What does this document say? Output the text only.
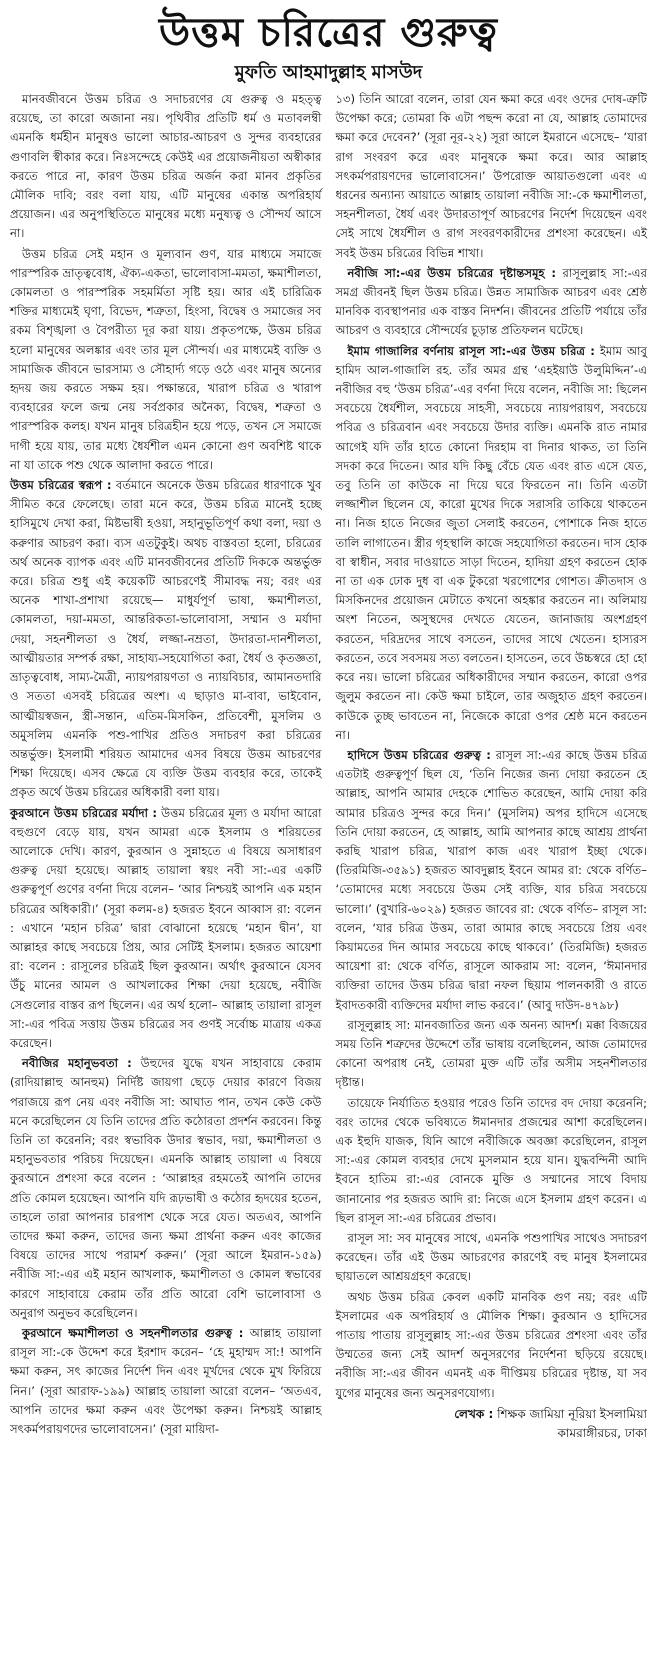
উত্তম চরিত্রের গুরুত্ব
মুফতি আহমাদুল্লাহ মাসউদ

মানবজীবনে উত্তম চরিত্র ও সদাচরণের যে গুরুত্ব ও মহত্ত্ব রয়েছে, তা কারো অজানা নয়। পৃথিবীর প্রতিটি ধর্ম ও মতাবলম্বী এমনকি ধর্মহীন মানুষও ভালো আচার-আচরণ ও সুন্দর ব্যবহারের গুণাবলি স্বীকার করে। নিঃসন্দেহে কেউই এর প্রয়োজনীয়তা অস্বীকার করতে পারে না, কারণ উত্তম চরিত্র অর্জন করা মানব প্রকৃতির মৌলিক দাবি; বরং বলা যায়, এটি মানুষের একান্ত অপরিহার্য প্রয়োজন। এর অনুপস্থিতিতে মানুষের মধ্যে মনুষ্যত্ব ও সৌন্দর্য আসে না।

উত্তম চরিত্র সেই মহান ও মূল্যবান গুণ, যার মাধ্যমে সমাজে পারস্পরিক ভ্রাতৃত্ববোধ, ঐক্য-একতা, ভালোবাসা-মমতা, ক্ষমাশীলতা, কোমলতা ও পারস্পরিক সহমর্মিতা সৃষ্টি হয়। আর এই চারিত্রিক শক্তির মাধ্যমেই ঘৃণা, বিভেদ, শত্রুতা, হিংসা, বিদ্বেষ ও সমাজের সব রকম বিশৃঙ্খলা ও বৈপরীত্য দূর করা যায়। প্রকৃতপক্ষে, উত্তম চরিত্র হলো মানুষের অলঙ্কার এবং তার মূল সৌন্দর্য। এর মাধ্যমেই ব্যক্তি ও সামাজিক জীবনে ভারসাম্য ও সৌহার্দ্য গড়ে ওঠে এবং মানুষ অন্যের হৃদয় জয় করতে সক্ষম হয়। পক্ষান্তরে, খারাপ চরিত্র ও খারাপ ব্যবহারের ফলে জন্ম নেয় সর্বপ্রকার অনৈক্য, বিদ্বেষ, শত্রুতা ও পারস্পরিক কলহ। যখন মানুষ চরিত্রহীন হয়ে পড়ে, তখন সে সমাজে দাগী হয়ে যায়, তার মধ্যে ধৈর্যশীল এমন কোনো গুণ অবশিষ্ট থাকে না যা তাকে পশু থেকে আলাদা করতে পারে।

উত্তম চরিত্রের স্বরূপ : বর্তমানে অনেকে উত্তম চরিত্রের ধারণাকে খুব সীমিত করে ফেলেছে। তারা মনে করে, উত্তম চরিত্র মানেই হচ্ছে হাসিমুখে দেখা করা, মিষ্টভাষী হওয়া, সহানুভূতিপূর্ণ কথা বলা, দয়া ও করুণার আচরণ করা। ব্যস এতটুকুই। অথচ বাস্তবতা হলো, চরিত্রের অর্থ অনেক ব্যাপক এবং এটি মানবজীবনের প্রতিটি দিককে অন্তর্ভুক্ত করে। চরিত্র শুধু এই কয়েকটি আচরণেই সীমাবদ্ধ নয়; বরং এর অনেক শাখা-প্রশাখা রয়েছে— মাধুর্যপূর্ণ ভাষা, ক্ষমাশীলতা, কোমলতা, দয়া-মমতা, আন্তরিকতা-ভালোবাসা, সম্মান ও মর্যাদা দেয়া, সহনশীলতা ও ধৈর্য, লজ্জা-নম্রতা, উদারতা-দানশীলতা, আত্মীয়তার সম্পর্ক রক্ষা, সাহায্য-সহযোগিতা করা, ধৈর্য ও কৃতজ্ঞতা, ভ্রাতৃত্ববোধ, সাম্য-মৈত্রী, ন্যায়পরায়ণতা ও ন্যায়বিচার, আমানতদারি ও সততা এসবই চরিত্রের অংশ। এ ছাড়াও মা-বাবা, ভাইবোন, আত্মীয়স্বজন, স্ত্রী-সন্তান, এতিম-মিসকিন, প্রতিবেশী, মুসলিম ও অমুসলিম এমনকি পশু-পাখির প্রতিও সদাচরণ করা চরিত্রের অন্তর্ভুক্ত। ইসলামী শরিয়ত আমাদের এসব বিষয়ে উত্তম আচরণের শিক্ষা দিয়েছে। এসব ক্ষেত্রে যে ব্যক্তি উত্তম ব্যবহার করে, তাকেই প্রকৃত অর্থে উত্তম চরিত্রের অধিকারী বলা যায়।

কুরআনে উত্তম চরিত্রের মর্যাদা : উত্তম চরিত্রের মূল্য ও মর্যাদা আরো বহুগুণে বেড়ে যায়, যখন আমরা একে ইসলাম ও শরিয়তের আলোকে দেখি। কারণ, কুরআন ও সুন্নাহতে এ বিষয়ে অসাধারণ গুরুত্ব দেয়া হয়েছে। আল্লাহ তায়ালা স্বয়ং নবী সা:-এর একটি গুরুত্বপূর্ণ গুণের বর্ণনা দিয়ে বলেন– ‘আর নিশ্চয়ই আপনি এক মহান চরিত্রের অধিকারী।’ (সূরা কলম-৪) হজরত ইবনে আব্বাস রা: বলেন : এখানে ‘মহান চরিত্র’ দ্বারা বোঝানো হয়েছে ‘মহান দ্বীন’, যা আল্লাহর কাছে সবচেয়ে প্রিয়, আর সেটিই ইসলাম। হজরত আয়েশা রা: বলেন : রাসূলের চরিত্রই ছিল কুরআন। অর্থাৎ কুরআনে যেসব উঁচু মানের আমল ও আখলাকের শিক্ষা দেয়া হয়েছে, নবীজি সেগুলোর বাস্তব রূপ ছিলেন। এর অর্থ হলো– আল্লাহ তায়ালা রাসূল সা:-এর পবিত্র সত্তায় উত্তম চরিত্রের সব গুণই সর্বোচ্চ মাত্রায় একত্র করেছেন।

নবীজির মহানুভবতা : উহুদের যুদ্ধে যখন সাহাবায়ে কেরাম (রাদিয়াল্লাহু আনহুম) নির্দিষ্ট জায়গা ছেড়ে দেয়ার কারণে বিজয় পরাজয়ে রূপ নেয় এবং নবীজি সা: আঘাত পান, তখন কেউ কেউ মনে করেছিলেন যে তিনি তাদের প্রতি কঠোরতা প্রদর্শন করবেন। কিন্তু তিনি তা করেননি; বরং স্বভাবিক উদার স্বভাব, দয়া, ক্ষমাশীলতা ও মহানুভবতার পরিচয় দিয়েছেন। এমনকি আল্লাহ তায়ালা এ বিষয়ে কুরআনে প্রশংসা করে বলেন : ‘আল্লাহর রহমতেই আপনি তাদের প্রতি কোমল হয়েছেন। আপনি যদি রূঢ়ভাষী ও কঠোর হৃদয়ের হতেন, তাহলে তারা আপনার চারপাশ থেকে সরে যেত। অতএব, আপনি তাদের ক্ষমা করুন, তাদের জন্য ক্ষমা প্রার্থনা করুন এবং কাজের বিষয়ে তাদের সাথে পরামর্শ করুন।’ (সূরা আলে ইমরান-১৫৯) নবীজি সা:-এর এই মহান আখলাক, ক্ষমাশীলতা ও কোমল স্বভাবের কারণে সাহাবায়ে কেরাম তাঁর প্রতি আরো বেশি ভালোবাসা ও অনুরাগ অনুভব করেছিলেন।

কুরআনে ক্ষমাশীলতা ও সহনশীলতার গুরুত্ব : আল্লাহ তায়ালা রাসূল সা:-কে উদ্দেশ করে ইরশাদ করেন– ‘হে মুহাম্মদ সা:! আপনি ক্ষমা করুন, সৎ কাজের নির্দেশ দিন এবং মূর্খদের থেকে মুখ ফিরিয়ে নিন।’ (সূরা আরাফ-১৯৯) আল্লাহ তায়ালা আরো বলেন– ‘অতএব, আপনি তাদের ক্ষমা করুন এবং উপেক্ষা করুন। নিশ্চয়ই আল্লাহ সৎকর্মপরায়ণদের ভালোবাসেন।’ (সূরা মায়িদা-

১৩) তিনি আরো বলেন, তারা যেন ক্ষমা করে এবং ওদের দোষ-ত্রুটি উপেক্ষা করে; তোমরা কি এটা পছন্দ করো না যে, আল্লাহ তোমাদের ক্ষমা করে দেবেন?’ (সূরা নূর-২২) সূরা আলে ইমরানে এসেছে– ‘যারা রাগ সংবরণ করে এবং মানুষকে ক্ষমা করে। আর আল্লাহ সৎকর্মপরায়ণদের ভালোবাসেন।’ উপরোক্ত আয়াতগুলো এবং এ ধরনের অন্যান্য আয়াতে আল্লাহ তায়ালা নবীজি সা:-কে ক্ষমাশীলতা, সহনশীলতা, ধৈর্য এবং উদারতাপূর্ণ আচরণের নির্দেশ দিয়েছেন এবং সেই সাথে ধৈর্যশীল ও রাগ সংবরণকারীদের প্রশংসা করেছেন। এই সবই উত্তম চরিত্রের বিভিন্ন শাখা।

নবীজি সা:-এর উত্তম চরিত্রের দৃষ্টান্তসমূহ : রাসূলুল্লাহ সা:-এর সমগ্র জীবনই ছিল উত্তম চরিত্র। উন্নত সামাজিক আচরণ এবং শ্রেষ্ঠ মানবিক ব্যবস্থাপনার এক বাস্তব নিদর্শন। জীবনের প্রতিটি পর্যায়ে তাঁর আচরণ ও ব্যবহারে সৌন্দর্যের চূড়ান্ত প্রতিফলন ঘটেছে।

ইমাম গাজালির বর্ণনায় রাসূল সা:-এর উত্তম চরিত্র : ইমাম আবু হামিদ আল-গাজালি রহ. তাঁর অমর গ্রন্থ ‘এহইয়াউ উলুমিদ্দিন’-এ নবীজির বহু ‘উত্তম চরিত্র’-এর বর্ণনা দিয়ে বলেন, নবীজি সা: ছিলেন সবচেয়ে ধৈর্যশীল, সবচেয়ে সাহসী, সবচেয়ে ন্যায়পরায়ণ, সবচেয়ে পবিত্র ও চরিত্রবান এবং সবচেয়ে উদার ব্যক্তি। এমনকি রাত নামার আগেই যদি তাঁর হাতে কোনো দিরহাম বা দিনার থাকত, তা তিনি সদকা করে দিতেন। আর যদি কিছু বেঁচে যেত এবং রাত এসে যেত, তবু তিনি তা কাউকে না দিয়ে ঘরে ফিরতেন না। তিনি এতটা লজ্জাশীল ছিলেন যে, কারো মুখের দিকে সরাসরি তাকিয়ে থাকতেন না। নিজ হাতে নিজের জুতা সেলাই করতেন, পোশাকে নিজ হাতে তালি লাগাতেন। স্ত্রীর গৃহস্থালি কাজে সহযোগিতা করতেন। দাস হোক বা স্বাধীন, সবার দাওয়াতে সাড়া দিতেন, হাদিয়া গ্রহণ করতেন হোক না তা এক ঢোক দুধ বা এক টুকরো খরগোশের গোশত। ক্রীতদাস ও মিসকিনদের প্রয়োজন মেটাতে কখনো অহঙ্কার করতেন না। অলিমায় অংশ নিতেন, অসুস্থদের দেখতে যেতেন, জানাজায় অংশগ্রহণ করতেন, দরিদ্রদের সাথে বসতেন, তাদের সাথে খেতেন। হাস্যরস করতেন, তবে সবসময় সত্য বলতেন। হাসতেন, তবে উচ্চস্বরে হো হো করে নয়। ভালো চরিত্রের অধিকারীদের সম্মান করতেন, কারো ওপর জুলুম করতেন না। কেউ ক্ষমা চাইলে, তার অজুহাত গ্রহণ করতেন। কাউকে তুচ্ছ ভাবতেন না, নিজেকে কারো ওপর শ্রেষ্ঠ মনে করতেন না।

হাদিসে উত্তম চরিত্রের গুরুত্ব : রাসূল সা:-এর কাছে উত্তম চরিত্র এতটাই গুরুত্বপূর্ণ ছিল যে, ‘তিনি নিজের জন্য দোয়া করতেন হে আল্লাহ, আপনি আমার দেহকে শোভিত করেছেন, আমি দোয়া করি আমার চরিত্রও সুন্দর করে দিন।’ (মুসলিম) অপর হাদিসে এসেছে তিনি দোয়া করতেন, হে আল্লাহ, আমি আপনার কাছে আশ্রয় প্রার্থনা করছি খারাপ চরিত্র, খারাপ কাজ এবং খারাপ ইচ্ছা থেকে। (তিরমিজি-৩৫৯১) হজরত আবদুল্লাহ ইবনে আমর রা: থেকে বর্ণিত– ‘তোমাদের মধ্যে সবচেয়ে উত্তম সেই ব্যক্তি, যার চরিত্র সবচেয়ে ভালো।’ (বুখারি-৬০২৯) হজরত জাবের রা: থেকে বর্ণিত– রাসূল সা: বলেন, ‘যার চরিত্র উত্তম, তারা আমার কাছে সবচেয়ে প্রিয় এবং কিয়ামতের দিন আমার সবচেয়ে কাছে থাকবে।’ (তিরমিজি) হজরত আয়েশা রা: থেকে বর্ণিত, রাসূলে আকরাম সা: বলেন, ‘ঈমানদার ব্যক্তিরা তাদের উত্তম চরিত্র দ্বারা নফল ছিয়াম পালনকারী ও রাতে ইবাদতকারী ব্যক্তিদের মর্যাদা লাভ করবে।’ (আবু দাউদ-৪৭৯৮)

রাসূলুল্লাহ সা: মানবজাতির জন্য এক অনন্য আদর্শ। মক্কা বিজয়ের সময় তিনি শত্রুদের উদ্দেশে তাঁর ভাষায় বলেছিলেন, আজ তোমাদের কোনো অপরাধ নেই, তোমরা মুক্ত এটি তাঁর অসীম সহনশীলতার দৃষ্টান্ত।

তায়েফে নির্যাতিত হওয়ার পরেও তিনি তাদের বদ দোয়া করেননি; বরং তাদের থেকে ভবিষ্যতে ঈমানদার প্রজন্মের আশা করেছিলেন। এক ইহুদি যাজক, যিনি আগে নবীজিকে অবজ্ঞা করেছিলেন, রাসূল সা:-এর কোমল ব্যবহার দেখে মুসলমান হয়ে যান। যুদ্ধবন্দিনী আদি ইবনে হাতিম রা:-এর বোনকে মুক্তি ও সম্মানের সাথে বিদায় জানানোর পর হজরত আদি রা: নিজে এসে ইসলাম গ্রহণ করেন। এ ছিল রাসূল সা:-এর চরিত্রের প্রভাব।

রাসূল সা: সব মানুষের সাথে, এমনকি পশুপাখির সাথেও সদাচরণ করেছেন। তাঁর এই উত্তম আচরণের কারণেই বহু মানুষ ইসলামের ছায়াতলে আশ্রয়গ্রহণ করেছে।

অথচ উত্তম চরিত্র কেবল একটি মানবিক গুণ নয়; বরং এটি ইসলামের এক অপরিহার্য ও মৌলিক শিক্ষা। কুরআন ও হাদিসের পাতায় পাতায় রাসূলুল্লাহ সা:-এর উত্তম চরিত্রের প্রশংসা এবং তাঁর উম্মতের জন্য সেই আদর্শ অনুসরণের নির্দেশনা ছড়িয়ে রয়েছে। নবীজি সা:-এর জীবন এমনই এক দীপ্তিময় চরিত্রের দৃষ্টান্ত, যা সব যুগের মানুষের জন্য অনুসরণযোগ্য।

লেখক : শিক্ষক জামিয়া নূরিয়া ইসলামিয়া
কামরাঙ্গীরচর, ঢাকা
